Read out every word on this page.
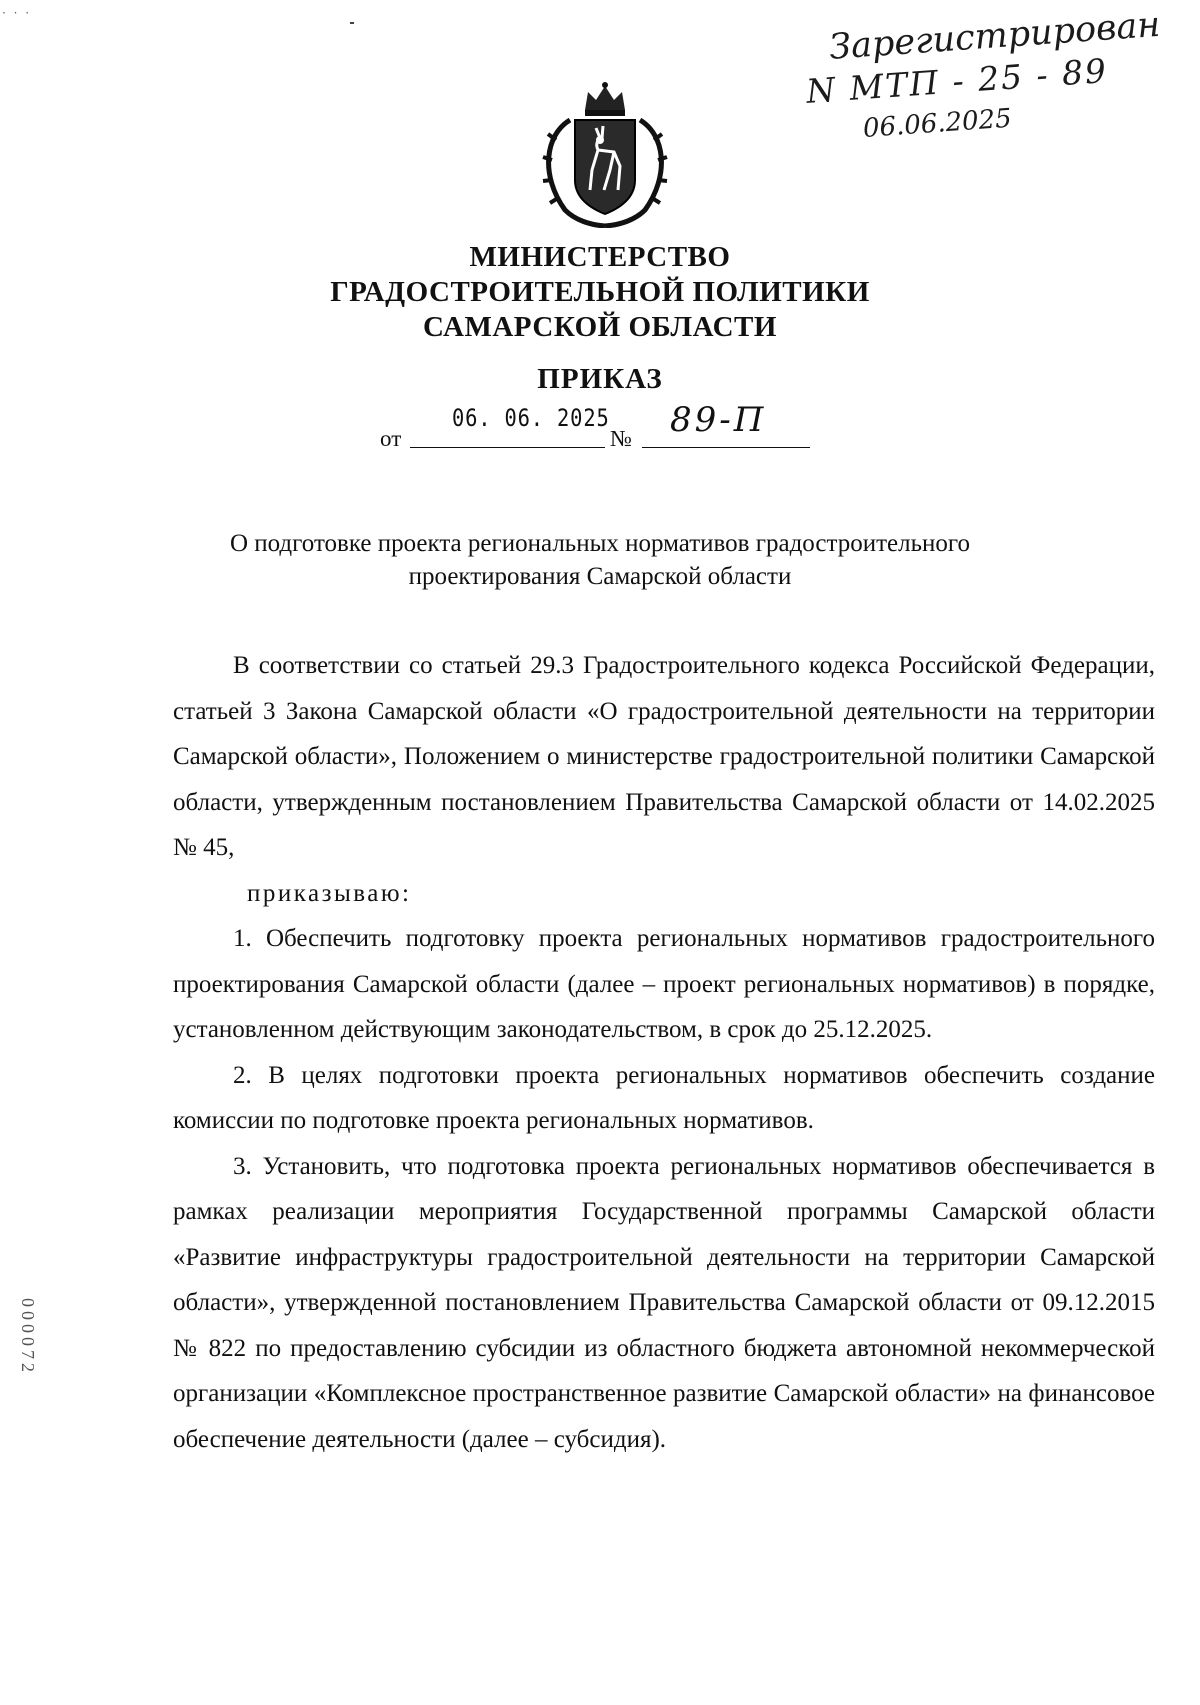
· · ·	Зарегистрирован
N МТП - 25 - 89
06.06.2025
МИНИСТЕРСТВО
ГРАДОСТРОИТЕЛЬНОЙ ПОЛИТИКИ
САМАРСКОЙ ОБЛАСТИ
ПРИКАЗ
от
06. 06. 2025
№ 89-П
О подготовке проекта региональных нормативов градостроительного
проектирования Самарской области

В соответствии со статьей 29.3 Градостроительного кодекса Российской Федерации, статьей 3 Закона Самарской области «О градостроительной деятельности на территории Самарской области», Положением о министерстве градостроительной политики Самарской области, утвержденным постановлением Правительства Самарской области от 14.02.2025 № 45,

приказываю:

1. Обеспечить подготовку проекта региональных нормативов градостроительного проектирования Самарской области (далее – проект региональных нормативов) в порядке, установленном действующим законодательством, в срок до 25.12.2025.

2. В целях подготовки проекта региональных нормативов обеспечить создание комиссии по подготовке проекта региональных нормативов.

3. Установить, что подготовка проекта региональных нормативов обеспечивается в рамках реализации мероприятия Государственной программы Самарской области «Развитие инфраструктуры градостроительной деятельности на территории Самарской области», утвержденной постановлением Правительства Самарской области от 09.12.2015 № 822 по предоставлению субсидии из областного бюджета автономной некоммерческой организации «Комплексное пространственное развитие Самарской области» на финансовое обеспечение деятельности (далее – субсидия).

000072
